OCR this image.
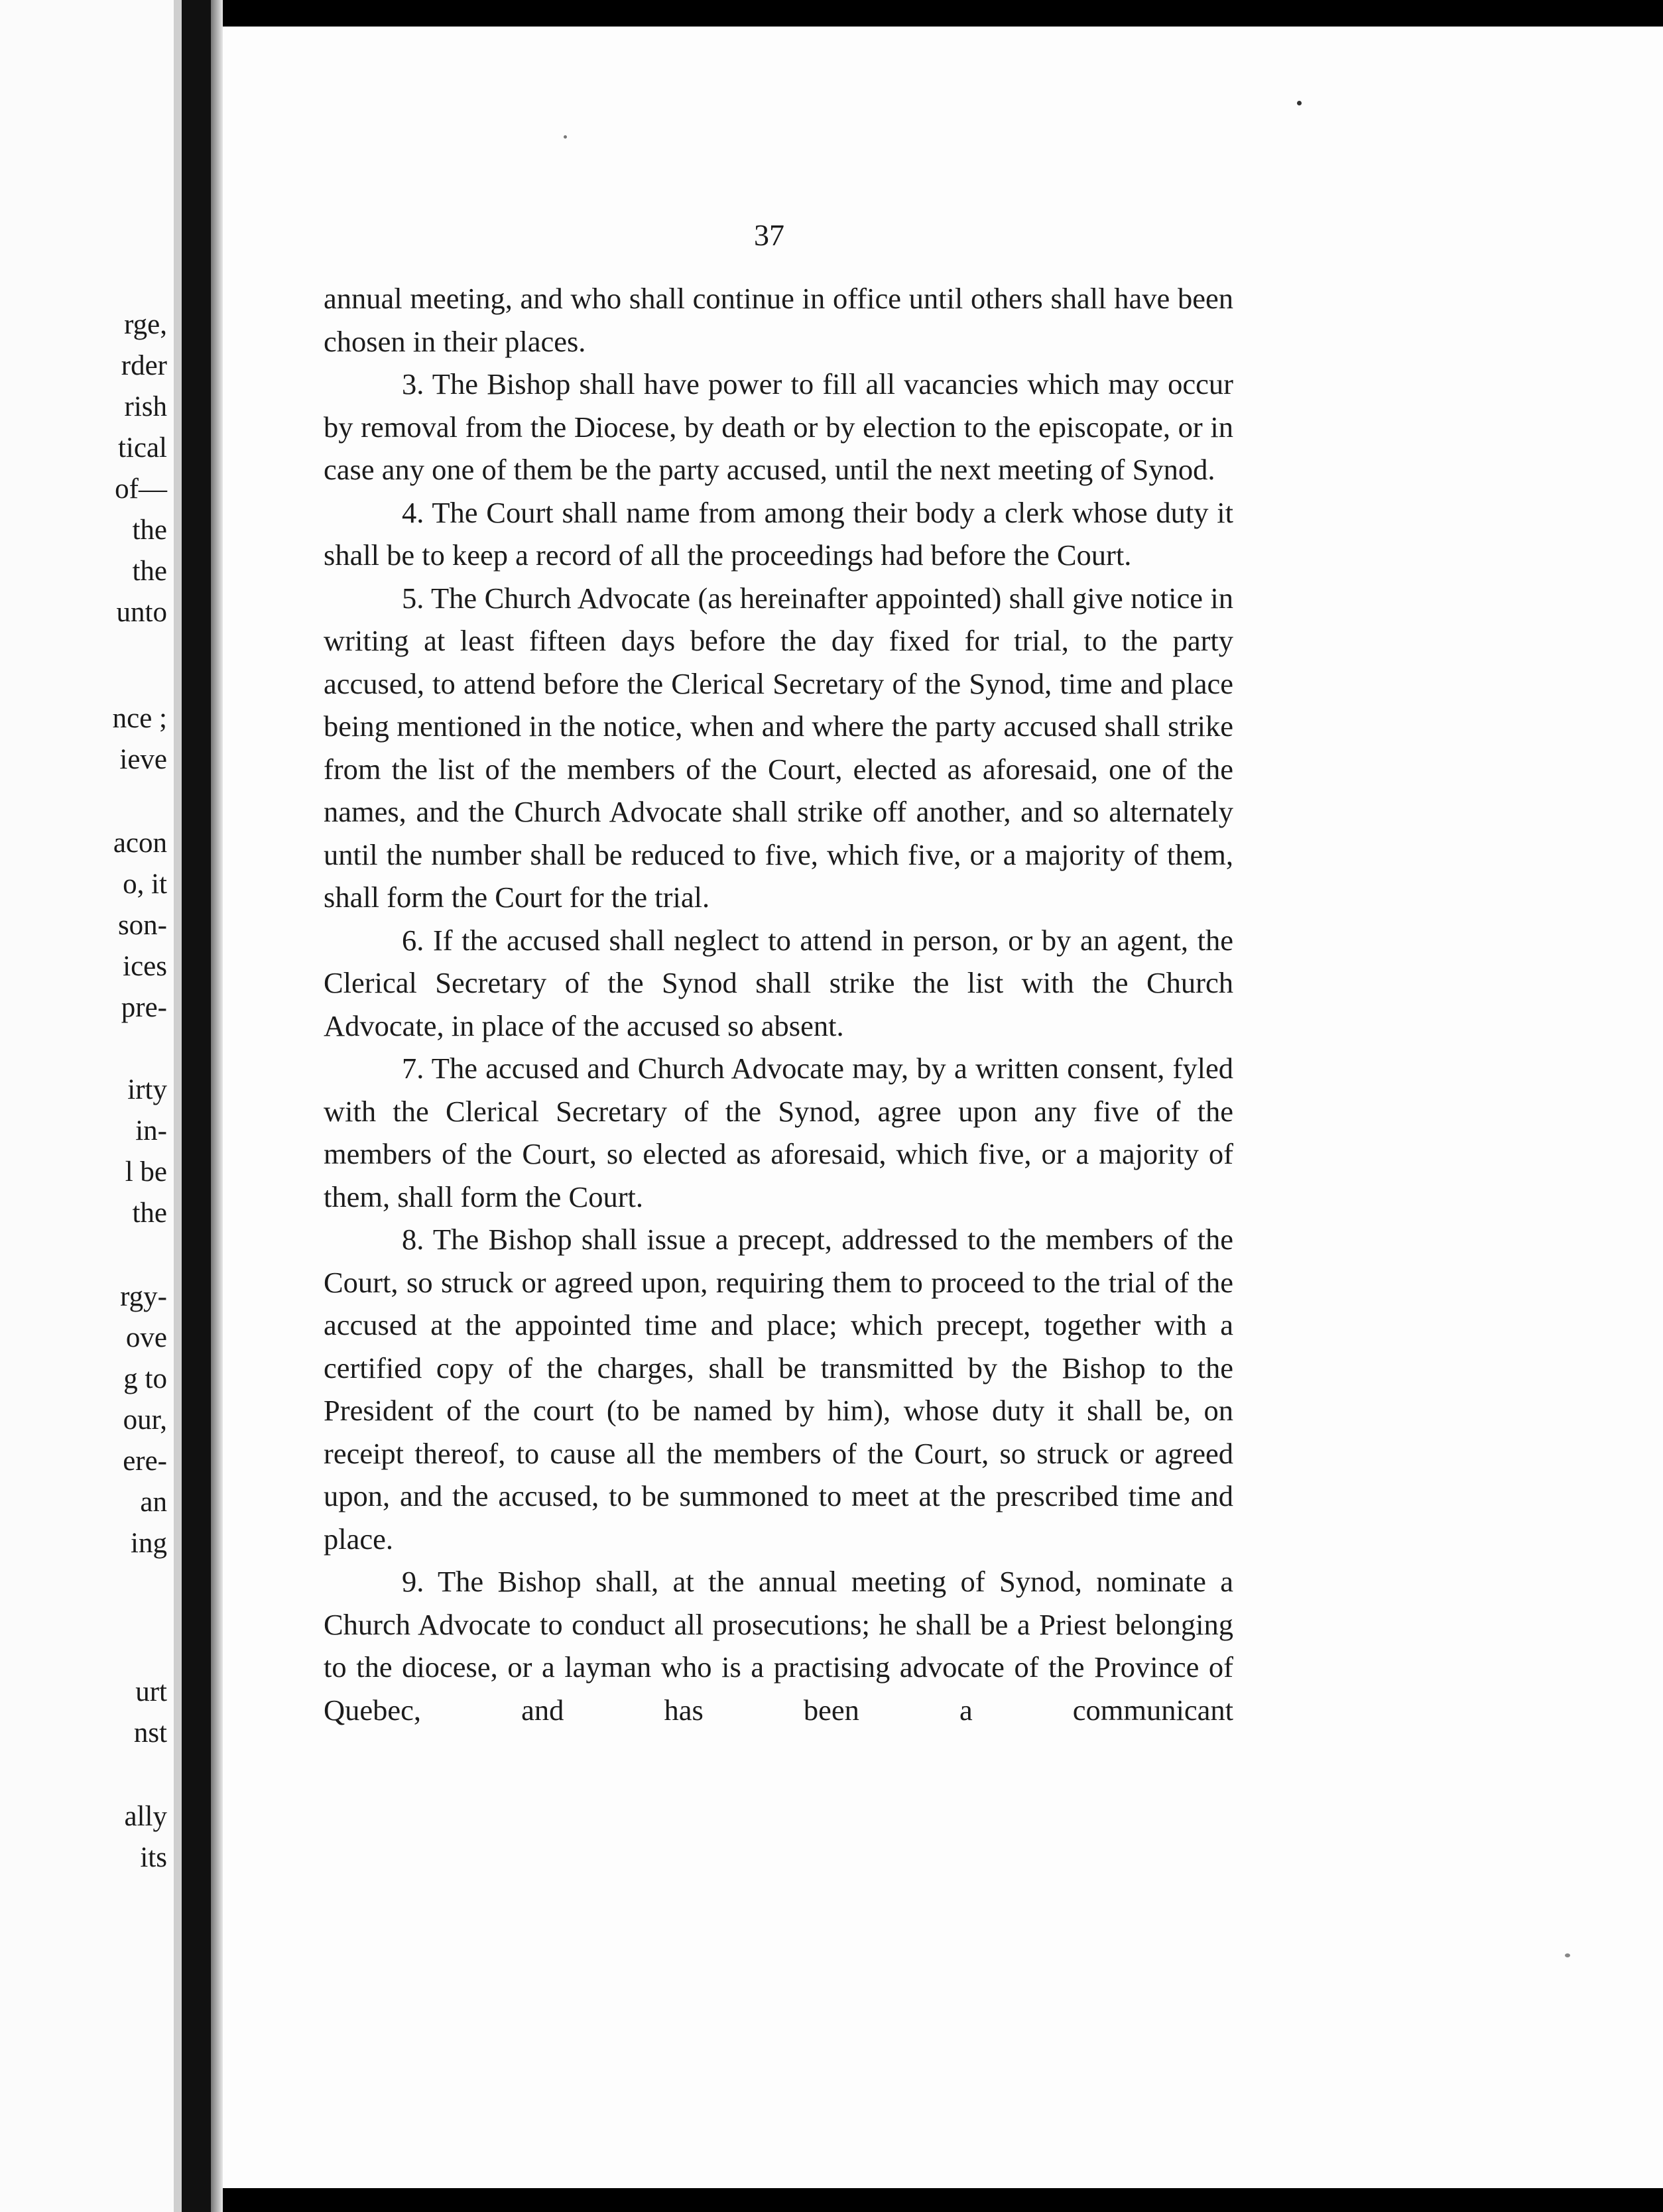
rge,
rder
rish
tical
of—
the
the
unto
nce ;
ieve
acon
o, it
son-
ices
pre-
irty
in-
l be
the
rgy-
ove
g to
our,
ere-
an
ing
urt
nst
ally
its
37

annual meeting, and who shall continue in office until others shall have been chosen in their places.

3. The Bishop shall have power to fill all vacancies which may occur by removal from the Diocese, by death or by election to the episcopate, or in case any one of them be the party accused, until the next meeting of Synod.

4. The Court shall name from among their body a clerk whose duty it shall be to keep a record of all the proceedings had before the Court.

5. The Church Advocate (as hereinafter appointed) shall give notice in writing at least fifteen days before the day fixed for trial, to the party accused, to attend before the Clerical Secretary of the Synod, time and place being mentioned in the notice, when and where the party accused shall strike from the list of the members of the Court, elected as aforesaid, one of the names, and the Church Advocate shall strike off another, and so alternately until the number shall be reduced to five, which five, or a majority of them, shall form the Court for the trial.

6. If the accused shall neglect to attend in person, or by an agent, the Clerical Secretary of the Synod shall strike the list with the Church Advocate, in place of the accused so absent.

7. The accused and Church Advocate may, by a written consent, fyled with the Clerical Secretary of the Synod, agree upon any five of the members of the Court, so elected as aforesaid, which five, or a majority of them, shall form the Court.

8. The Bishop shall issue a precept, addressed to the members of the Court, so struck or agreed upon, requiring them to proceed to the trial of the accused at the appointed time and place; which precept, together with a certified copy of the charges, shall be transmitted by the Bishop to the President of the court (to be named by him), whose duty it shall be, on receipt thereof, to cause all the members of the Court, so struck or agreed upon, and the accused, to be summoned to meet at the prescribed time and place.

9. The Bishop shall, at the annual meeting of Synod, nominate a Church Advocate to conduct all prosecutions; he shall be a Priest belonging to the diocese, or a layman who is a practising advocate of the Province of Quebec, and has been a communicant
